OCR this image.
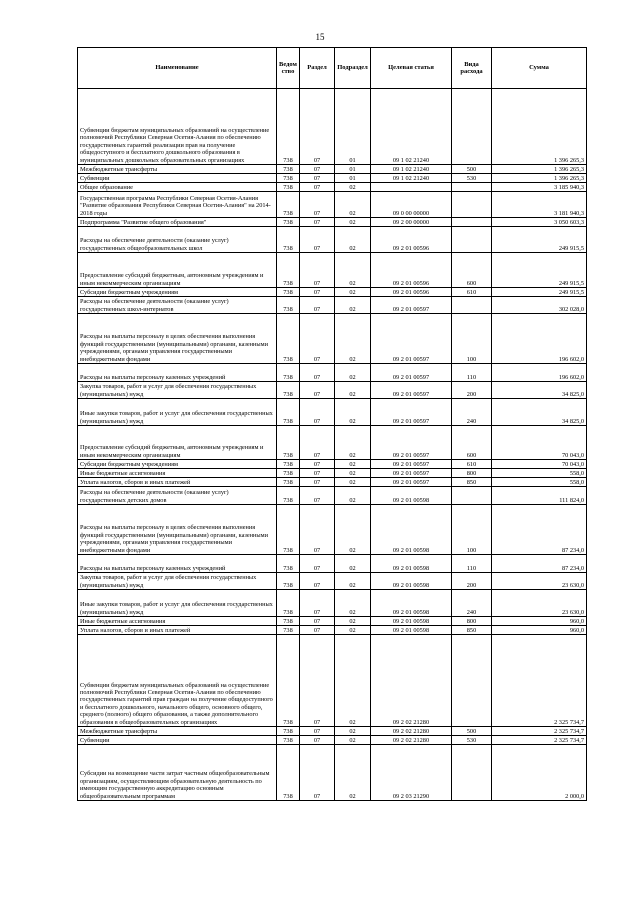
15
Наименование	Ведом ство	Раздел	Подраздел	Целевая статья	Вида расхода	Сумма
Субвенции бюджетам муниципальных образований на осуществление полномочий Республики Северная Осетия-Алания по обеспечению государственных гарантий реализации прав на получение общедоступного и бесплатного дошкольного образования в муниципальных дошкольных образовательных организациях	738	07	01	09 1 02 21240		1 396 265,3
Межбюджетные трансферты	738	07	01	09 1 02 21240	500	1 396 265,3
Субвенции	738	07	01	09 1 02 21240	530	1 396 265,3
Общее образование	738	07	02			3 185 940,3
Государственная программа Республики Северная Осетия-Алания "Развитие образования Республики Северная Осетия-Алания" на 2014-2018 годы	738	07	02	09 0 00 00000		3 181 940,3
Подпрограмма "Развитие общего образования"	738	07	02	09 2 00 00000		3 050 603,3
Расходы на обеспечение деятельности (оказание услуг) государственных общеобразовательных школ	738	07	02	09 2 01 00596		249 915,5
Предоставление субсидий бюджетным, автономным учреждениям и иным некоммерческим организациям	738	07	02	09 2 01 00596	600	249 915,5
Субсидии бюджетным учреждениям	738	07	02	09 2 01 00596	610	249 915,5
Расходы на обеспечение деятельности (оказание услуг) государственных школ-интернатов	738	07	02	09 2 01 00597		302 028,0
Расходы на выплаты персоналу в целях обеспечения выполнения функций государственными (муниципальными) органами, казенными учреждениями, органами управления государственными внебюджетными фондами	738	07	02	09 2 01 00597	100	196 602,0
Расходы на выплаты персоналу казенных учреждений	738	07	02	09 2 01 00597	110	196 602,0
Закупка товаров, работ и услуг для обеспечения государственных (муниципальных) нужд	738	07	02	09 2 01 00597	200	34 825,0
Иные закупки товаров, работ и услуг для обеспечения государственных (муниципальных) нужд	738	07	02	09 2 01 00597	240	34 825,0
Предоставление субсидий бюджетным, автономным учреждениям и иным некоммерческим организациям	738	07	02	09 2 01 00597	600	70 043,0
Субсидии бюджетным учреждениям	738	07	02	09 2 01 00597	610	70 043,0
Иные бюджетные ассигнования	738	07	02	09 2 01 00597	800	558,0
Уплата налогов, сборов и иных платежей	738	07	02	09 2 01 00597	850	558,0
Расходы на обеспечение деятельности (оказание услуг) государственных детских домов	738	07	02	09 2 01 00598		111 824,0
Расходы на выплаты персоналу в целях обеспечения выполнения функций государственными (муниципальными) органами, казенными учреждениями, органами управления государственными внебюджетными фондами	738	07	02	09 2 01 00598	100	87 234,0
Расходы на выплаты персоналу казенных учреждений	738	07	02	09 2 01 00598	110	87 234,0
Закупка товаров, работ и услуг для обеспечения государственных (муниципальных) нужд	738	07	02	09 2 01 00598	200	23 630,0
Иные закупки товаров, работ и услуг для обеспечения государственных (муниципальных) нужд	738	07	02	09 2 01 00598	240	23 630,0
Иные бюджетные ассигнования	738	07	02	09 2 01 00598	800	960,0
Уплата налогов, сборов и иных платежей	738	07	02	09 2 01 00598	850	960,0
Субвенции бюджетам муниципальных образований на осуществление полномочий Республики Северная Осетия-Алания по обеспечению государственных гарантий прав граждан на получение общедоступного и бесплатного дошкольного, начального общего, основного общего, среднего (полного) общего образования, а также дополнительного образования в общеобразовательных организациях	738	07	02	09 2 02 21280		2 325 734,7
Межбюджетные трансферты	738	07	02	09 2 02 21280	500	2 325 734,7
Субвенции	738	07	02	09 2 02 21280	530	2 325 734,7
Субсидии на возмещение части затрат частным общеобразовательным организациям, осуществляющим образовательную деятельность по имеющим государственную аккредитацию основным общеобразовательным программам	738	07	02	09 2 03 21290		2 000,0
